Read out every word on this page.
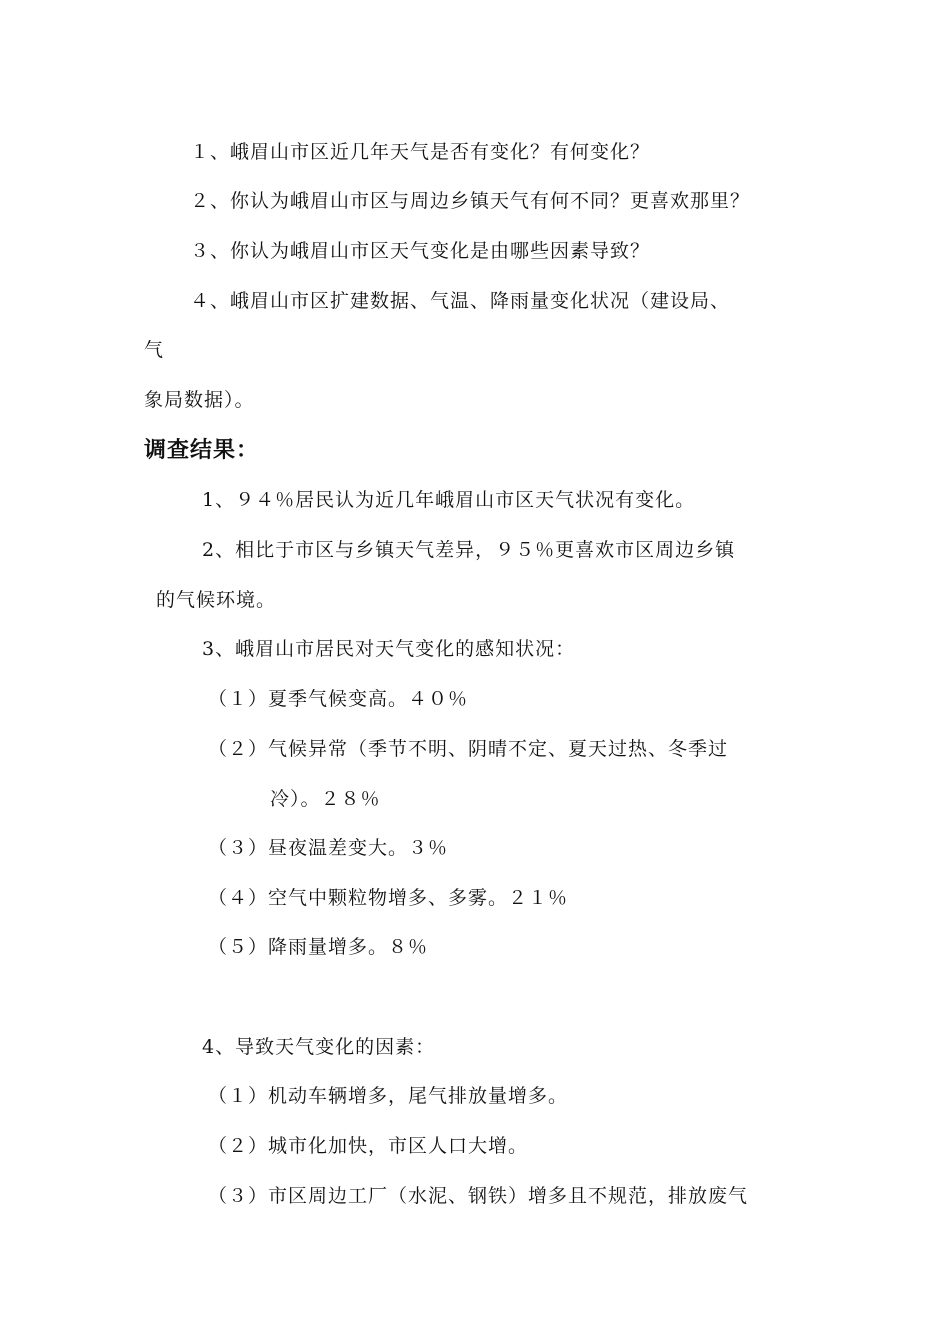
１、峨眉山市区近几年天气是否有变化？有何变化？
２、你认为峨眉山市区与周边乡镇天气有何不同？更喜欢那里？
３、你认为峨眉山市区天气变化是由哪些因素导致？
４、峨眉山市区扩建数据、气温、降雨量变化状况（建设局、
气
象局数据）。
调查结果：
1、９４％居民认为近几年峨眉山市区天气状况有变化。
2、相比于市区与乡镇天气差异，９５％更喜欢市区周边乡镇
的气候环境。
3、峨眉山市居民对天气变化的感知状况：
（１）夏季气候变高。４０％
（２）气候异常（季节不明、阴晴不定、夏天过热、冬季过
冷）。２８％
（３）昼夜温差变大。３％
（４）空气中颗粒物增多、多雾。２１％
（５）降雨量增多。８％
4、导致天气变化的因素：
（１）机动车辆增多，尾气排放量增多。
（２）城市化加快，市区人口大增。
（３）市区周边工厂（水泥、钢铁）增多且不规范，排放废气
